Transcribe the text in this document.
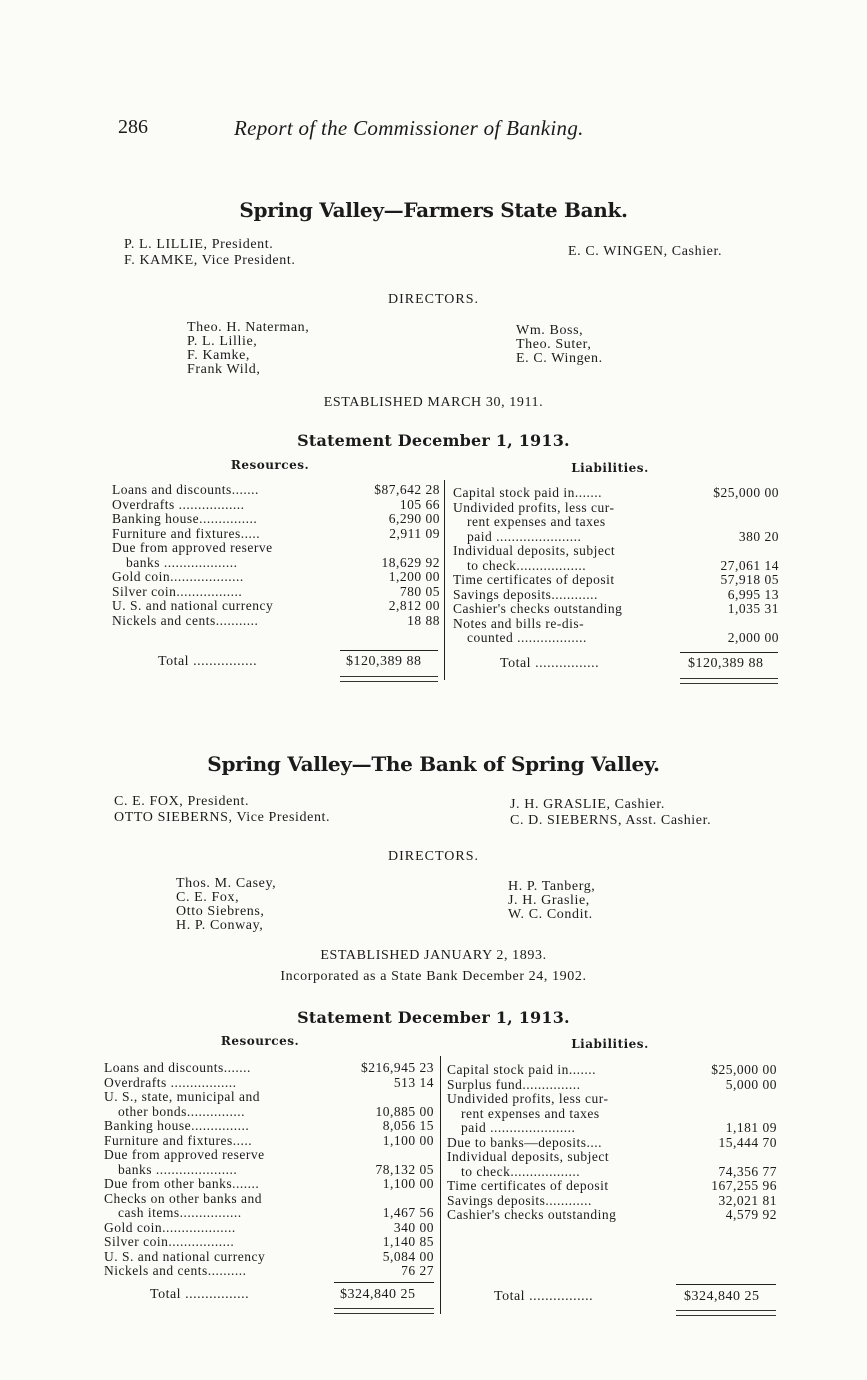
286	Report of the Commissioner of Banking.
Spring Valley—Farmers State Bank.
P. L. LILLIE, President.
F. KAMKE, Vice President.
E. C. WINGEN, Cashier.
DIRECTORS.
Theo. H. Naterman,
P. L. Lillie,
F. Kamke,
Frank Wild,
Wm. Boss,
Theo. Suter,
E. C. Wingen.
ESTABLISHED MARCH 30, 1911.
Statement December 1, 1913.
Resources.	Liabilities.
Loans and discounts.......	$87,642 28
Overdrafts .................	105 66
Banking house...............	6,290 00
Furniture and fixtures.....	2,911 09
Due from approved reserve
banks ...................	18,629 92
Gold coin...................	1,200 00
Silver coin.................	780 05
U. S. and national currency	2,812 00
Nickels and cents...........	18 88
Capital stock paid in.......	$25,000 00
Undivided profits, less cur-
rent expenses and taxes
paid ......................	380 20
Individual deposits, subject
to check..................	27,061 14
Time certificates of deposit	57,918 05
Savings deposits............	6,995 13
Cashier's checks outstanding	1,035 31
Notes and bills re-dis-
counted ..................	2,000 00
Total ................	$120,389 88	Total ................	$120,389 88
Spring Valley—The Bank of Spring Valley.
C. E. FOX, President.
OTTO SIEBERNS, Vice President.
J. H. GRASLIE, Cashier.
C. D. SIEBERNS, Asst. Cashier.
DIRECTORS.
Thos. M. Casey,
C. E. Fox,
Otto Siebrens,
H. P. Conway,
H. P. Tanberg,
J. H. Graslie,
W. C. Condit.
ESTABLISHED JANUARY 2, 1893.
Incorporated as a State Bank December 24, 1902.
Statement December 1, 1913.
Resources.	Liabilities.
Loans and discounts.......	$216,945 23
Overdrafts .................	513 14
U. S., state, municipal and
other bonds...............	10,885 00
Banking house...............	8,056 15
Furniture and fixtures.....	1,100 00
Due from approved reserve
banks .....................	78,132 05
Due from other banks.......	1,100 00
Checks on other banks and
cash items................	1,467 56
Gold coin...................	340 00
Silver coin.................	1,140 85
U. S. and national currency	5,084 00
Nickels and cents..........	76 27
Capital stock paid in.......	$25,000 00
Surplus fund...............	5,000 00
Undivided profits, less cur-
rent expenses and taxes
paid ......................	1,181 09
Due to banks—deposits....	15,444 70
Individual deposits, subject
to check..................	74,356 77
Time certificates of deposit	167,255 96
Savings deposits............	32,021 81
Cashier's checks outstanding	4,579 92
Total ................	$324,840 25	Total ................	$324,840 25
